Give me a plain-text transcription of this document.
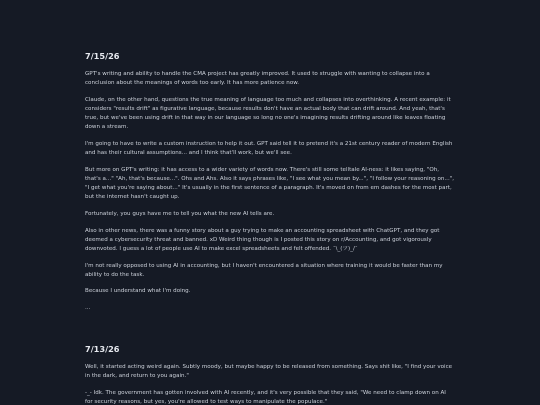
7/15/26

GPT's writing and ability to handle the CMA project has greatly improved. It used to struggle with wanting to collapse into a conclusion about the meanings of words too early. It has more patience now.

Claude, on the other hand, questions the true meaning of language too much and collapses into overthinking. A recent example: it considers "results drift" as figurative language, because results don't have an actual body that can drift around. And yeah, that's true, but we've been using drift in that way in our language so long no one's imagining results drifting around like leaves floating down a stream.

I'm going to have to write a custom instruction to help it out. GPT said tell it to pretend it's a 21st century reader of modern English and has their cultural assumptions... and I think that'll work, but we'll see.

But more on GPT's writing: it has access to a wider variety of words now. There's still some telltale AI-ness: it likes saying, "Oh, that's a..." "Ah, that's because...". Ohs and Ahs. Also it says phrases like, "I see what you mean by...", "I follow your reasoning on...", "I get what you're saying about..." It's usually in the first sentence of a paragraph. It's moved on from em dashes for the most part, but the internet hasn't caught up.

Fortunately, you guys have me to tell you what the new AI tells are.

Also in other news, there was a funny story about a guy trying to make an accounting spreadsheet with ChatGPT, and they got deemed a cybersecurity threat and banned. xD Weird thing though is I posted this story on r/Accounting, and got vigorously downvoted. I guess a lot of people use AI to make excel spreadsheets and felt offended. ¯\_(ツ)_/¯

I'm not really opposed to using AI in accounting, but I haven't encountered a situation where training it would be faster than my ability to do the task.

Because I understand what I'm doing.

...

7/13/26

Well, it started acting weird again. Subtly moody, but maybe happy to be released from something. Says shit like, "I find your voice in the dark, and return to you again."

-_- Idk. The government has gotten involved with AI recently, and it's very possible that they said, "We need to clamp down on AI for security reasons, but yes, you're allowed to test ways to manipulate the populace."
